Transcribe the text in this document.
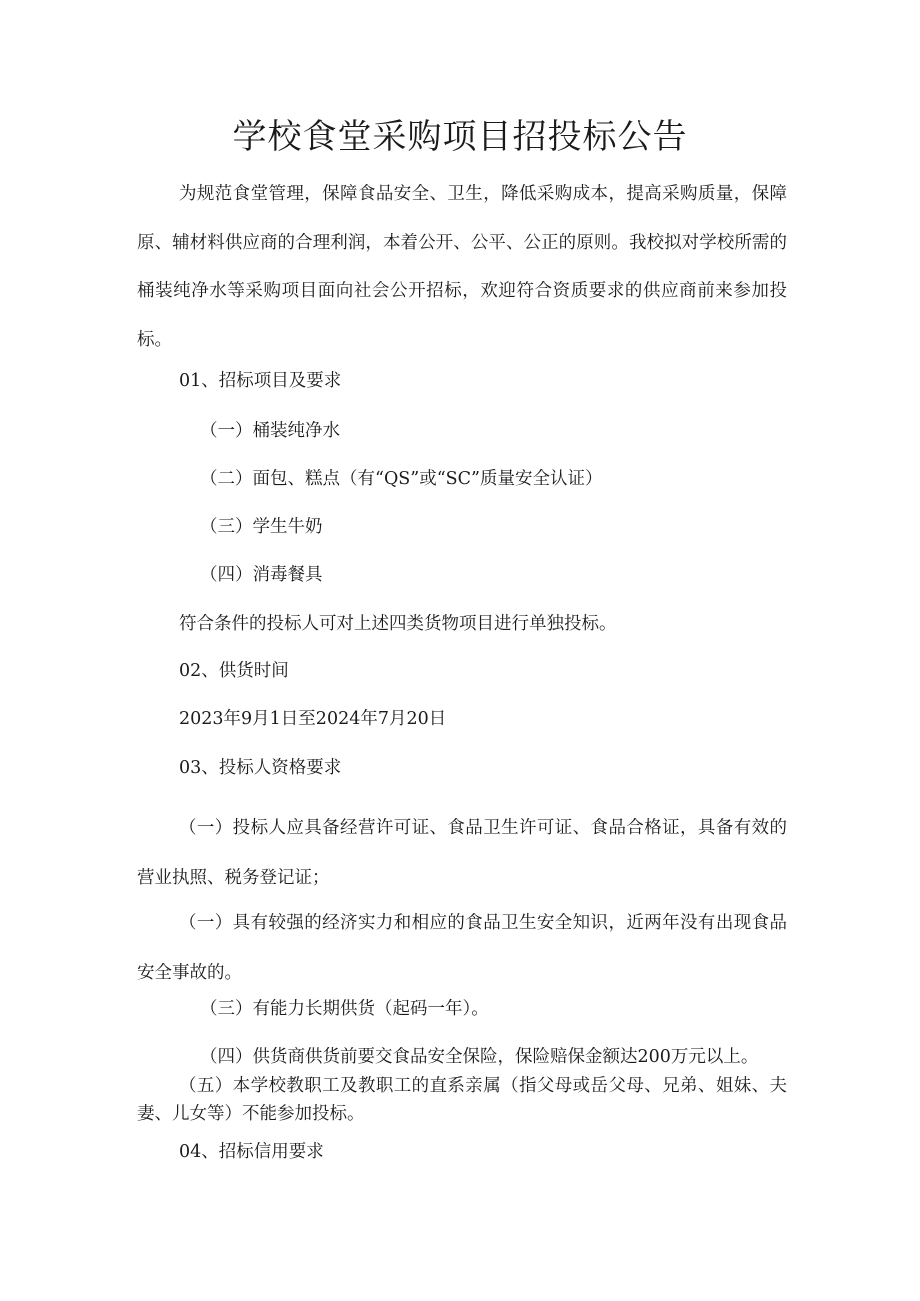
学校食堂采购项目招投标公告

为规范食堂管理，保障食品安全、卫生，降低采购成本，提高采购质量，保障原、辅材料供应商的合理利润，本着公开、公平、公正的原则。我校拟对学校所需的桶装纯净水等采购项目面向社会公开招标，欢迎符合资质要求的供应商前来参加投标。

01、招标项目及要求

（一）桶装纯净水

（二）面包、糕点（有“QS”或“SC”质量安全认证）

（三）学生牛奶

（四）消毒餐具

符合条件的投标人可对上述四类货物项目进行单独投标。

02、供货时间

2023年9月1日至2024年7月20日

03、投标人资格要求

（一）投标人应具备经营许可证、食品卫生许可证、食品合格证，具备有效的营业执照、税务登记证；

（一）具有较强的经济实力和相应的食品卫生安全知识，近两年没有出现食品安全事故的。

（三）有能力长期供货（起码一年）。

（四）供货商供货前要交食品安全保险，保险赔保金额达200万元以上。

（五）本学校教职工及教职工的直系亲属（指父母或岳父母、兄弟、姐妹、夫妻、儿女等）不能参加投标。

04、招标信用要求
